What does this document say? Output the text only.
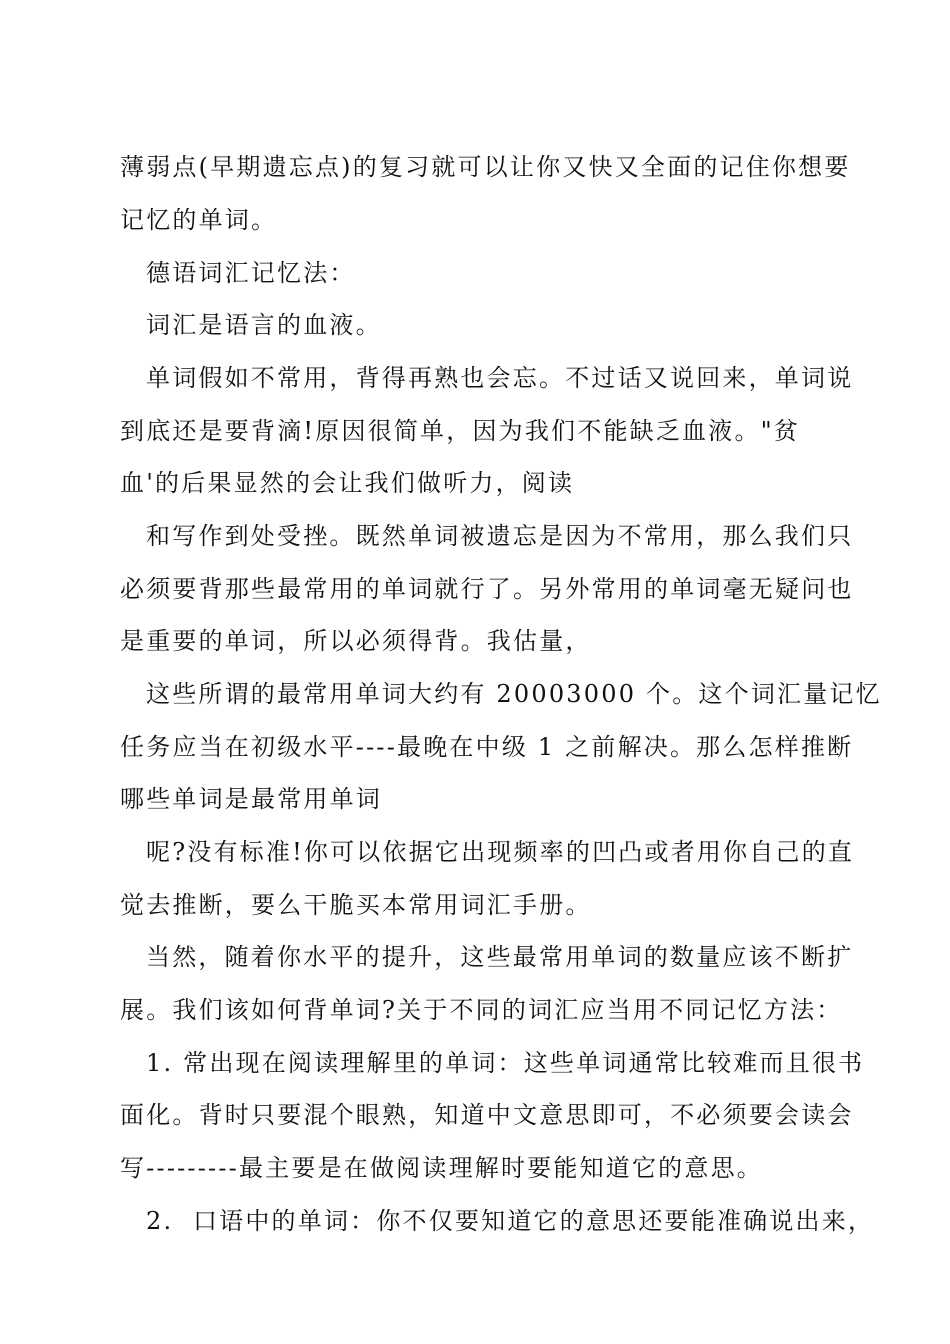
薄弱点(早期遗忘点)的复习就可以让你又快又全面的记住你想要
记忆的单词。
德语词汇记忆法：
词汇是语言的血液。
单词假如不常用，背得再熟也会忘。不过话又说回来，单词说
到底还是要背滴!原因很简单，因为我们不能缺乏血液。"贫
血'的后果显然的会让我们做听力，阅读
和写作到处受挫。既然单词被遗忘是因为不常用，那么我们只
必须要背那些最常用的单词就行了。另外常用的单词毫无疑问也
是重要的单词，所以必须得背。我估量，
这些所谓的最常用单词大约有 20003000 个。这个词汇量记忆
任务应当在初级水平----最晚在中级 1 之前解决。那么怎样推断
哪些单词是最常用单词
呢?没有标准!你可以依据它出现频率的凹凸或者用你自己的直
觉去推断，要么干脆买本常用词汇手册。
当然，随着你水平的提升，这些最常用单词的数量应该不断扩
展。我们该如何背单词?关于不同的词汇应当用不同记忆方法：
1. 常出现在阅读理解里的单词：这些单词通常比较难而且很书
面化。背时只要混个眼熟，知道中文意思即可，不必须要会读会
写---------最主要是在做阅读理解时要能知道它的意思。
2.  口语中的单词：你不仅要知道它的意思还要能准确说出来，
